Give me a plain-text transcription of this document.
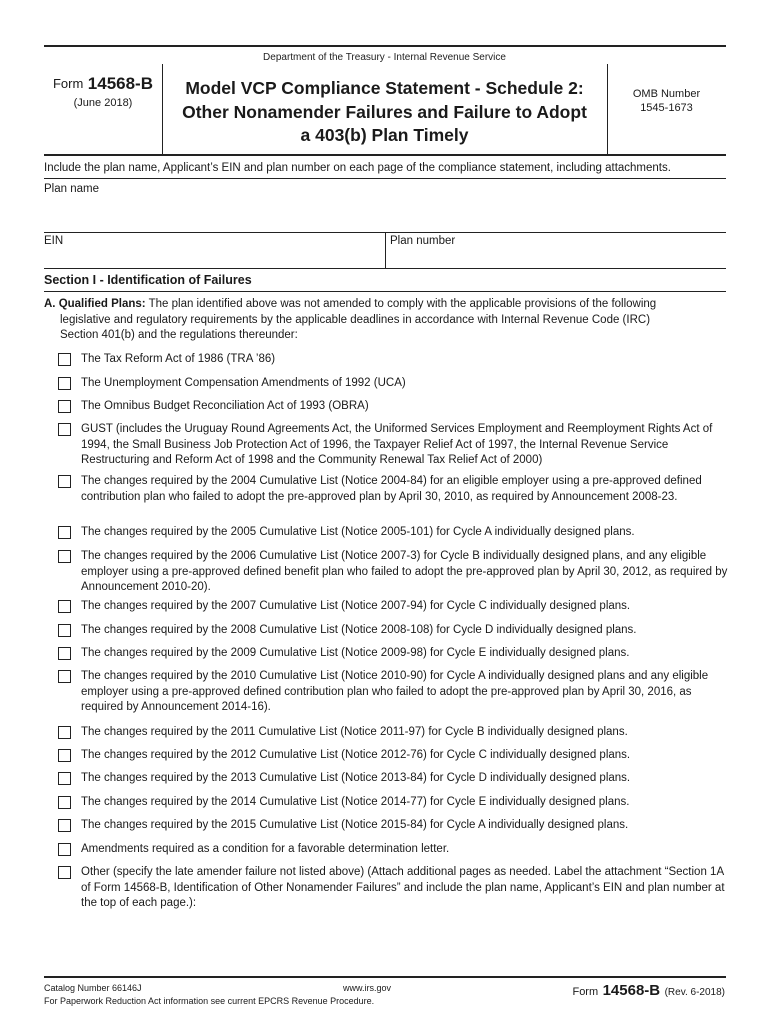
Department of the Treasury - Internal Revenue Service
Form 14568-B
(June 2018)
Model VCP Compliance Statement - Schedule 2:
Other Nonamender Failures and Failure to Adopt
a 403(b) Plan Timely
OMB Number
1545-1673
Include the plan name, Applicant’s EIN and plan number on each page of the compliance statement, including attachments.
Plan name
EIN	Plan number
Section I - Identification of Failures
A. Qualified Plans: The plan identified above was not amended to comply with the applicable provisions of the following
legislative and regulatory requirements by the applicable deadlines in accordance with Internal Revenue Code (IRC)
Section 401(b) and the regulations thereunder:
The Tax Reform Act of 1986 (TRA ’86)
The Unemployment Compensation Amendments of 1992 (UCA)
The Omnibus Budget Reconciliation Act of 1993 (OBRA)
GUST (includes the Uruguay Round Agreements Act, the Uniformed Services Employment and Reemployment Rights Act of 1994, the Small Business Job Protection Act of 1996, the Taxpayer Relief Act of 1997, the Internal Revenue Service Restructuring and Reform Act of 1998 and the Community Renewal Tax Relief Act of 2000)
The changes required by the 2004 Cumulative List (Notice 2004-84) for an eligible employer using a pre-approved defined contribution plan who failed to adopt the pre-approved plan by April 30, 2010, as required by Announcement 2008-23.
The changes required by the 2005 Cumulative List (Notice 2005-101) for Cycle A individually designed plans.
The changes required by the 2006 Cumulative List (Notice 2007-3) for Cycle B individually designed plans, and any eligible employer using a pre-approved defined benefit plan who failed to adopt the pre-approved plan by April 30, 2012, as required by Announcement 2010-20).
The changes required by the 2007 Cumulative List (Notice 2007-94) for Cycle C individually designed plans.
The changes required by the 2008 Cumulative List (Notice 2008-108) for Cycle D individually designed plans.
The changes required by the 2009 Cumulative List (Notice 2009-98) for Cycle E individually designed plans.
The changes required by the 2010 Cumulative List (Notice 2010-90) for Cycle A individually designed plans and any eligible employer using a pre-approved defined contribution plan who failed to adopt the pre-approved plan by April 30, 2016, as required by Announcement 2014-16).
The changes required by the 2011 Cumulative List (Notice 2011-97) for Cycle B individually designed plans.
The changes required by the 2012 Cumulative List (Notice 2012-76) for Cycle C individually designed plans.
The changes required by the 2013 Cumulative List (Notice 2013-84) for Cycle D individually designed plans.
The changes required by the 2014 Cumulative List (Notice 2014-77) for Cycle E individually designed plans.
The changes required by the 2015 Cumulative List (Notice 2015-84) for Cycle A individually designed plans.
Amendments required as a condition for a favorable determination letter.
Other (specify the late amender failure not listed above) (Attach additional pages as needed. Label the attachment “Section 1A of Form 14568-B, Identification of Other Nonamender Failures” and include the plan name, Applicant’s EIN and plan number at the top of each page.):
Catalog Number 66146J	www.irs.gov	Form 14568-B (Rev. 6-2018)
For Paperwork Reduction Act information see current EPCRS Revenue Procedure.
